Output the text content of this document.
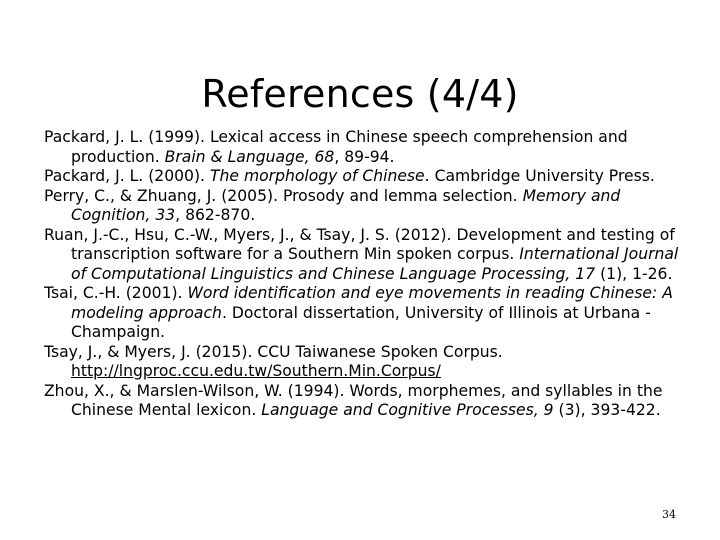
References (4/4)

Packard, J. L. (1999). Lexical access in Chinese speech comprehension and production. Brain & Language, 68, 89-94.

Packard, J. L. (2000). The morphology of Chinese. Cambridge University Press.

Perry, C., & Zhuang, J. (2005). Prosody and lemma selection. Memory and Cognition, 33, 862-870.

Ruan, J.-C., Hsu, C.-W., Myers, J., & Tsay, J. S. (2012). Development and testing of transcription software for a Southern Min spoken corpus. International Journal of Computational Linguistics and Chinese Language Processing, 17 (1), 1-26.

Tsai, C.-H. (2001). Word identification and eye movements in reading Chinese: A modeling approach. Doctoral dissertation, University of Illinois at Urbana -Champaign.

Tsay, J., & Myers, J. (2015). CCU Taiwanese Spoken Corpus. http://lngproc.ccu.edu.tw/Southern.Min.Corpus/

Zhou, X., & Marslen-Wilson, W. (1994). Words, morphemes, and syllables in the Chinese Mental lexicon. Language and Cognitive Processes, 9 (3), 393-422.

34
